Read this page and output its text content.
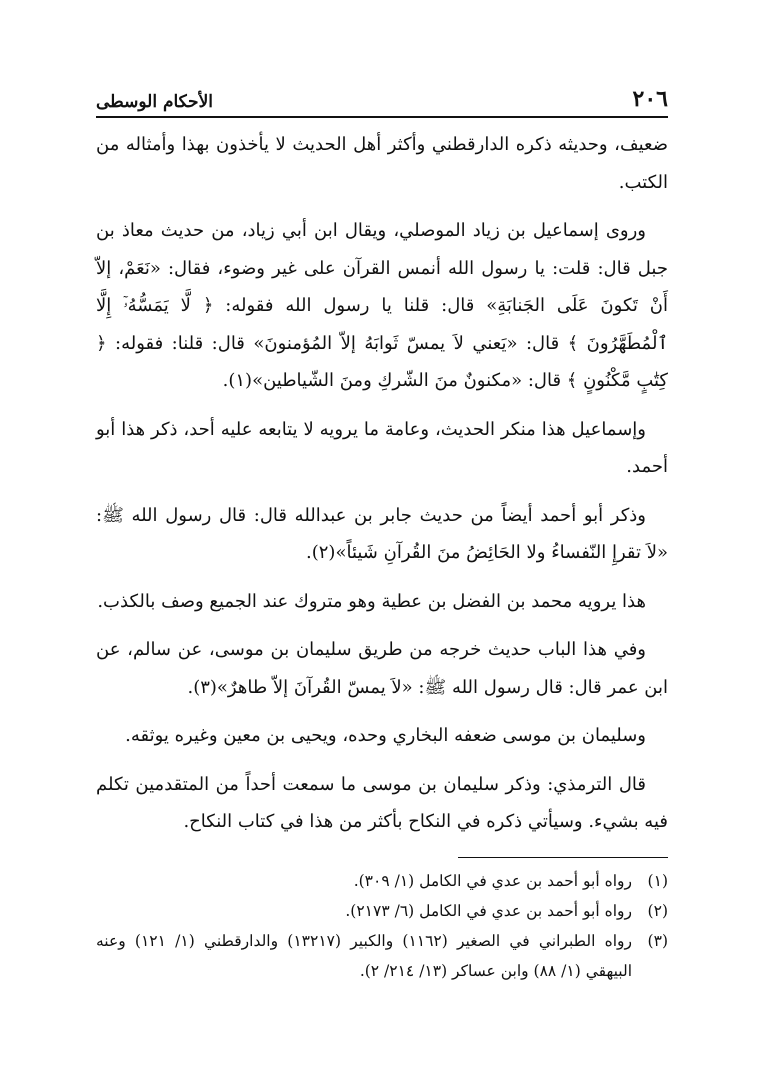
٢٠٦
الأحكام الوسطى

ضعيف، وحديثه ذكره الدارقطني وأكثر أهل الحديث لا يأخذون بهذا وأمثاله من الكتب.

وروى إسماعيل بن زياد الموصلي، ويقال ابن أبي زياد، من حديث معاذ بن جبل قال: قلت: يا رسول الله أنمس القرآن على غير وضوء، فقال: «نَعَمْ، إلاّ أَنْ تَكونَ عَلَى الجَنابَةِ» قال: قلنا يا رسول الله فقوله: ﴿ لَّا يَمَسُّهُۥٓ إِلَّا ٱلْمُطَهَّرُونَ ﴾ قال: «يَعني لاَ يمسّ ثَوابَهُ إلاّ المُؤمنونَ» قال: قلنا: فقوله: ﴿ كِتَٰبٍ مَّكْنُونٍ ﴾ قال: «مكنونٌ منَ الشّركِ ومنَ الشّياطين»(١).

وإسماعيل هذا منكر الحديث، وعامة ما يرويه لا يتابعه عليه أحد، ذكر هذا أبو أحمد.

وذكر أبو أحمد أيضاً من حديث جابر بن عبدالله قال: قال رسول الله ﷺ: «لاَ تقرإِ النّفساءُ ولا الحَائِضُ منَ القُرآنِ شَيئاً»(٢).

هذا يرويه محمد بن الفضل بن عطية وهو متروك عند الجميع وصف بالكذب.

وفي هذا الباب حديث خرجه من طريق سليمان بن موسى، عن سالم، عن ابن عمر قال: قال رسول الله ﷺ: «لاَ يمسّ القُرآنَ إلاّ طاهرٌ»(٣).

وسليمان بن موسى ضعفه البخاري وحده، ويحيى بن معين وغيره يوثقه.

قال الترمذي: وذكر سليمان بن موسى ما سمعت أحداً من المتقدمين تكلم فيه بشيء. وسيأتي ذكره في النكاح بأكثر من هذا في كتاب النكاح.

(١)
رواه أبو أحمد بن عدي في الكامل (١/ ٣٠٩).
(٢)
رواه أبو أحمد بن عدي في الكامل (٦/ ٢١٧٣).
(٣)
رواه الطبراني في الصغير (١١٦٢) والكبير (١٣٢١٧) والدارقطني (١/ ١٢١) وعنه البيهقي (١/ ٨٨) وابن عساكر (١٣/ ٢١٤/ ٢).
